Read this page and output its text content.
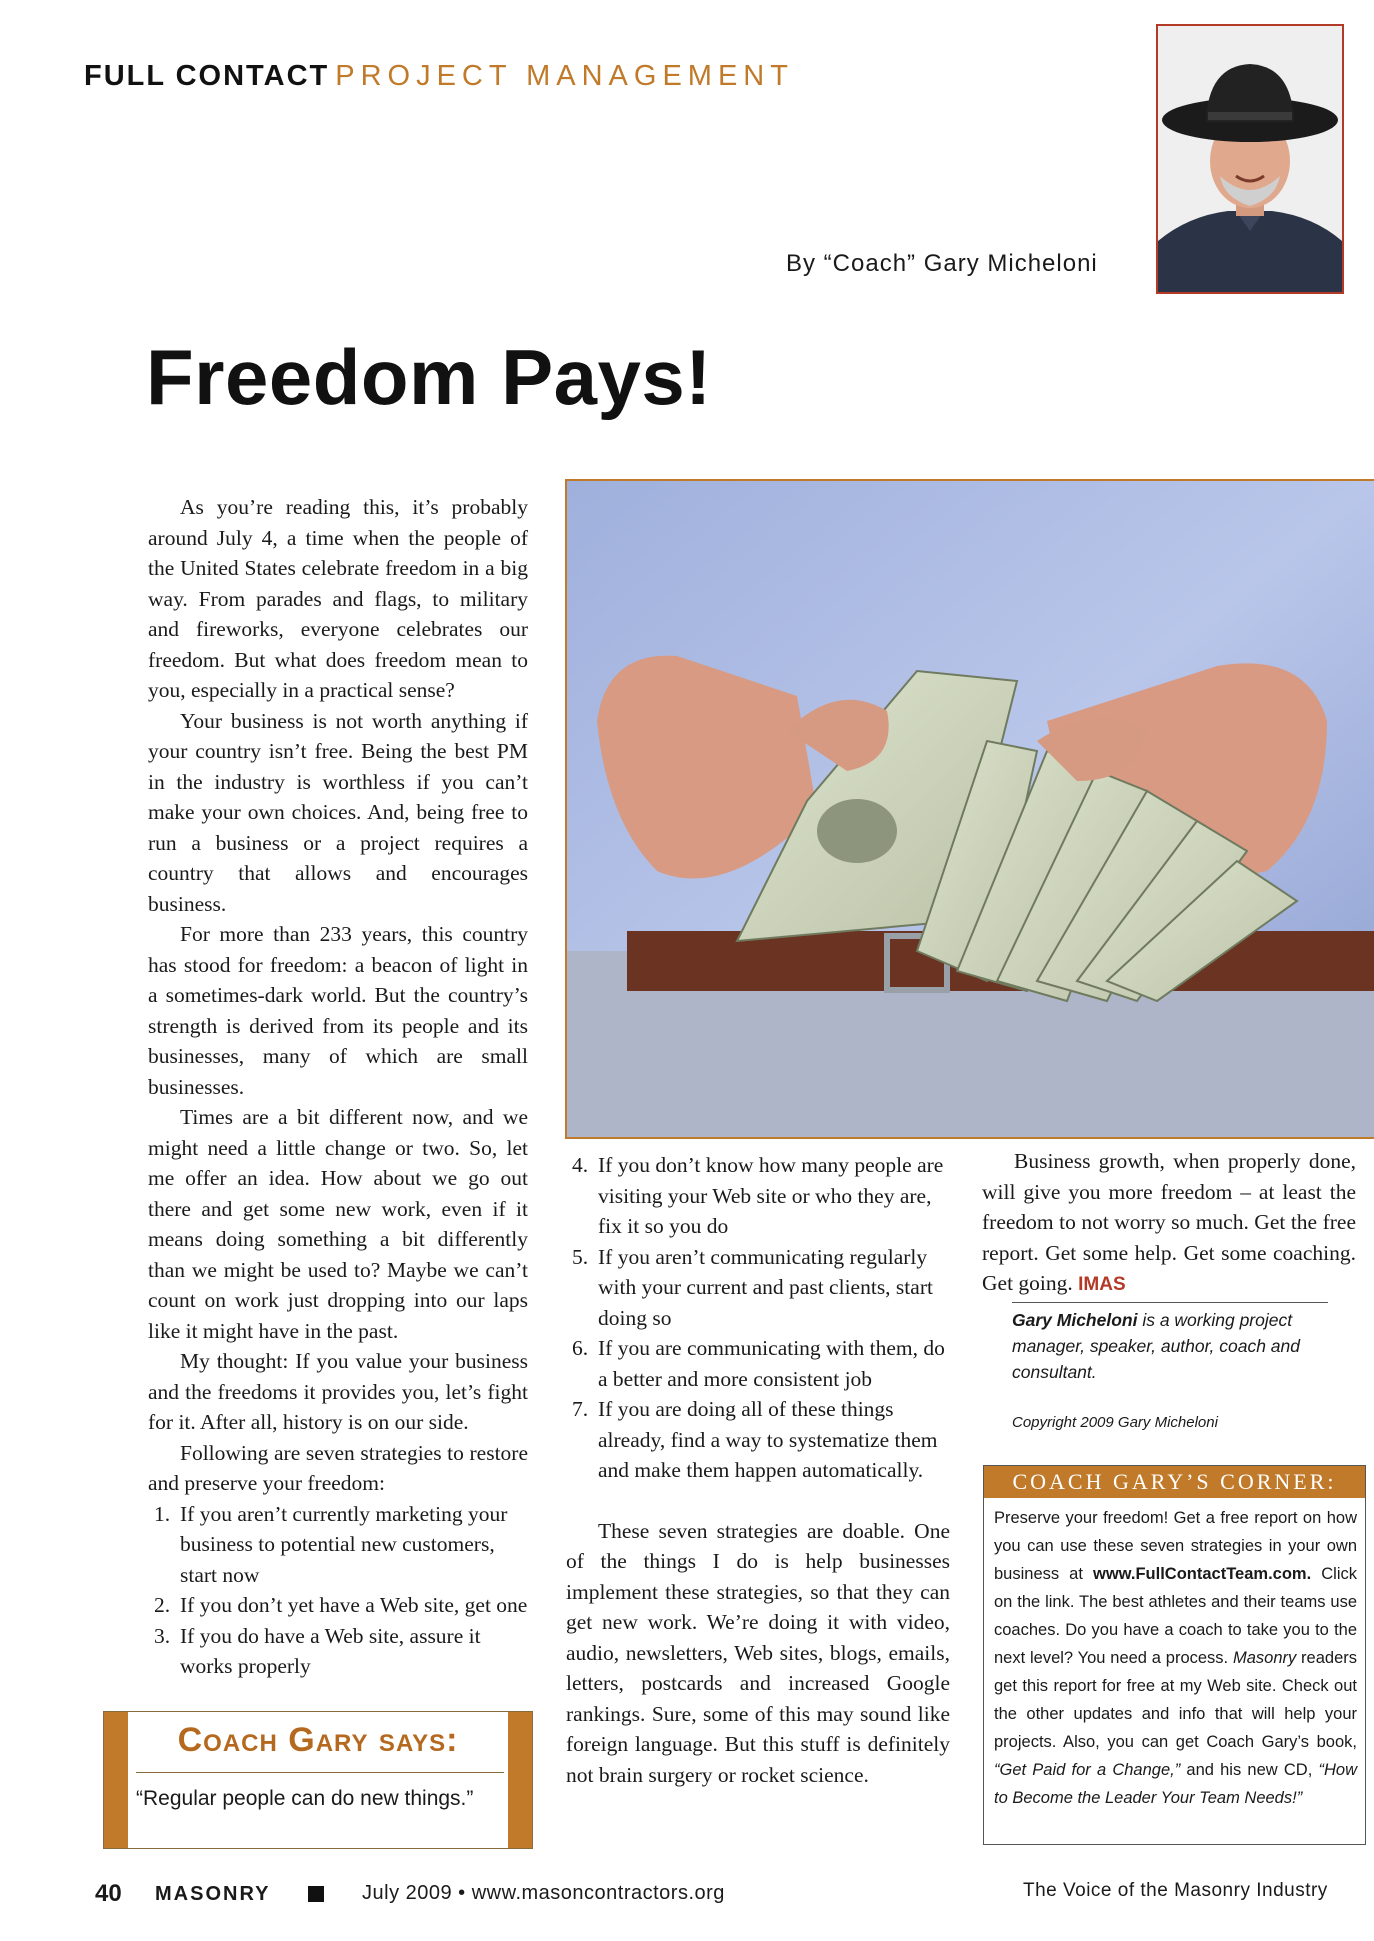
FULL CONTACT PROJECT MANAGEMENT
By “Coach” Gary Micheloni
Freedom Pays!

As you’re reading this, it’s probably around July 4, a time when the people of the United States celebrate freedom in a big way. From parades and flags, to military and fireworks, everyone celebrates our freedom. But what does freedom mean to you, especially in a practical sense?

Your business is not worth anything if your country isn’t free. Being the best PM in the industry is worthless if you can’t make your own choices. And, being free to run a business or a project requires a country that allows and encourages business.

For more than 233 years, this country has stood for freedom: a beacon of light in a sometimes-dark world. But the country’s strength is derived from its people and its businesses, many of which are small businesses.

Times are a bit different now, and we might need a little change or two. So, let me offer an idea. How about we go out there and get some new work, even if it means doing something a bit differently than we might be used to? Maybe we can’t count on work just dropping into our laps like it might have in the past.

My thought: If you value your business and the freedoms it provides you, let’s fight for it. After all, history is on our side.

Following are seven strategies to restore and preserve your freedom:

1. If you aren’t currently marketing your business to potential new customers, start now
2. If you don’t yet have a Web site, get one
3. If you do have a Web site, assure it works properly
4. If you don’t know how many people are visiting your Web site or who they are, fix it so you do
5. If you aren’t communicating regularly with your current and past clients, start doing so
6. If you are communicating with them, do a better and more consistent job
7. If you are doing all of these things already, find a way to systematize them and make them happen automatically.

These seven strategies are doable. One of the things I do is help businesses implement these strategies, so that they can get new work. We’re doing it with video, audio, newsletters, Web sites, blogs, emails, letters, postcards and increased Google rankings. Sure, some of this may sound like foreign language. But this stuff is definitely not brain surgery or rocket science.

Business growth, when properly done, will give you more freedom – at least the freedom to not worry so much. Get the free report. Get some help. Get some coaching. Get going. IMAS

Gary Micheloni is a working project manager, speaker, author, coach and consultant.
Copyright 2009 Gary Micheloni
Coach Gary says:
“Regular people can do new things.”
COACH GARY’S CORNER:
Preserve your freedom! Get a free report on how you can use these seven strategies in your own business at www.FullContactTeam.com. Click on the link. The best athletes and their teams use coaches. Do you have a coach to take you to the next level? You need a process. Masonry readers get this report for free at my Web site. Check out the other updates and info that will help your projects. Also, you can get Coach Gary’s book, “Get Paid for a Change,” and his new CD, “How to Become the Leader Your Team Needs!”
40 MASONRY	July 2009 • www.masoncontractors.org	The Voice of the Masonry Industry
